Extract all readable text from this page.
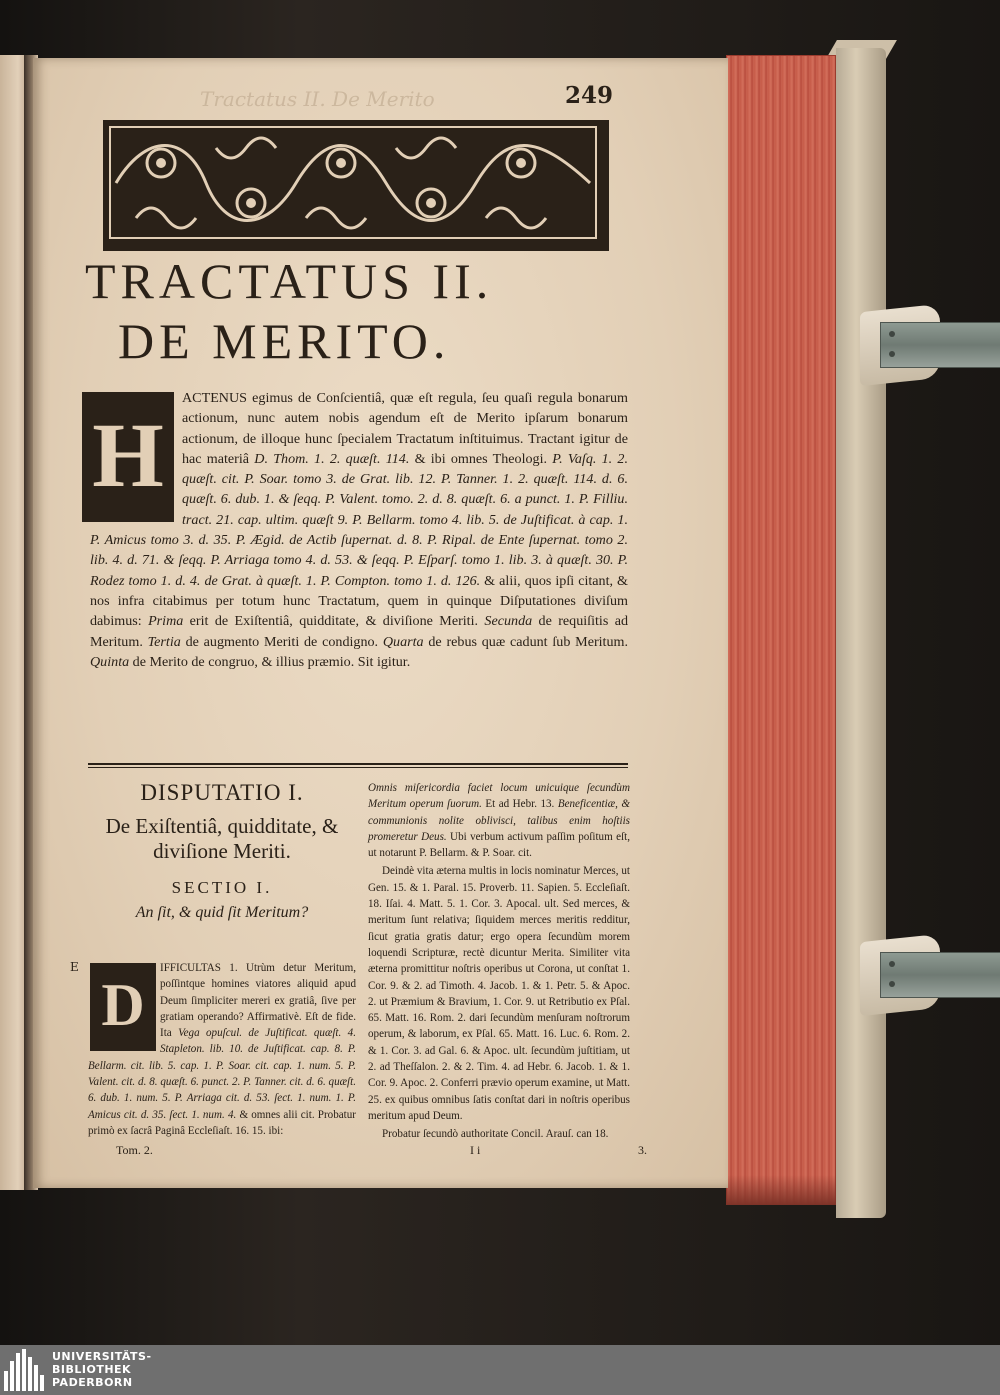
Tractatus II. De Merito	249
TRACTATUS II.
DE MERITO.
H
ACTENUS egimus de Conſcientiâ, quæ eſt regula, ſeu quaſi regula bonarum actionum, nunc autem nobis agendum eſt de Merito ipſarum bonarum actionum, de illoque hunc ſpecialem Tractatum inſtituimus. Tractant igitur de hac materiâ D. Thom. 1. 2. quæſt. 114. & ibi omnes Theologi. P. Vaſq. 1. 2. quæſt. cit. P. Soar. tomo 3. de Grat. lib. 12. P. Tanner. 1. 2. quæſt. 114. d. 6. quæſt. 6. dub. 1. & ſeqq. P. Valent. tomo. 2. d. 8. quæſt. 6. a punct. 1. P. Filliu. tract. 21. cap. ultim. quæſt 9. P. Bellarm. tomo 4. lib. 5. de Juſtificat. à cap. 1. P. Amicus tomo 3. d. 35. P. Ægid. de Actib ſupernat. d. 8. P. Ripal. de Ente ſupernat. tomo 2. lib. 4. d. 71. & ſeqq. P. Arriaga tomo 4. d. 53. & ſeqq. P. Eſparſ. tomo 1. lib. 3. à quæſt. 30. P. Rodez tomo 1. d. 4. de Grat. à quæſt. 1. P. Compton. tomo 1. d. 126. & alii, quos ipſi citant, & nos infra citabimus per totum hunc Tractatum, quem in quinque Diſputationes diviſum dabimus: Prima erit de Exiſtentiâ, quidditate, & diviſione Meriti. Secunda de requiſitis ad Meritum. Tertia de augmento Meriti de condigno. Quarta de rebus quæ cadunt ſub Meritum. Quinta de Merito de congruo, & illius præmio. Sit igitur.
DISPUTATIO I.
De Exiſtentiâ, quidditate, & diviſione Meriti.
SECTIO I.
An ſit, & quid ſit Meritum?
IFFICULTAS 1. Utrùm detur Meritum, poſſintque homines viatores aliquid apud Deum ſimpliciter mereri ex gratiâ, ſive per gratiam operando? Affirmativè. Eſt de fide. Ita Vega opuſcul. de Juſtificat. quæſt. 4. Stapleton. lib. 10. de Juſtificat. cap. 8. P. Bellarm. cit. lib. 5. cap. 1. P. Soar. cit. cap. 1. num. 5. P. Valent. cit. d. 8. quæſt. 6. punct. 2. P. Tanner. cit. d. 6. quæſt. 6. dub. 1. num. 5. P. Arriaga cit. d. 53. ſect. 1. num. 1. P. Amicus cit. d. 35. ſect. 1. num. 4. & omnes alii cit. Probatur primò ex ſacrâ Paginâ Eccleſiaſt. 16. 15. ibi:
E
D

Omnis miſericordia faciet locum unicuique ſecundùm Meritum operum ſuorum. Et ad Hebr. 13. Beneficentiæ, & communionis nolite oblivisci, talibus enim hoſtiis promeretur Deus. Ubi verbum activum paſſim poſitum eſt, ut notarunt P. Bellarm. & P. Soar. cit.

Deindè vita æterna multis in locis nominatur Merces, ut Gen. 15. & 1. Paral. 15. Proverb. 11. Sapien. 5. Eccleſiaſt. 18. Iſai. 4. Matt. 5. 1. Cor. 3. Apocal. ult. Sed merces, & meritum ſunt relativa; ſiquidem merces meritis redditur, ſicut gratia gratis datur; ergo opera ſecundùm morem loquendi Scripturæ, rectè dicuntur Merita. Similiter vita æterna promittitur noſtris operibus ut Corona, ut conſtat 1. Cor. 9. & 2. ad Timoth. 4. Jacob. 1. & 1. Petr. 5. & Apoc. 2. ut Præmium & Bravium, 1. Cor. 9. ut Retributio ex Pſal. 65. Matt. 16. Rom. 2. dari ſecundùm menſuram noſtrorum operum, & laborum, ex Pſal. 65. Matt. 16. Luc. 6. Rom. 2. & 1. Cor. 3. ad Gal. 6. & Apoc. ult. ſecundùm juſtitiam, ut 2. ad Theſſalon. 2. & 2. Tim. 4. ad Hebr. 6. Jacob. 1. & 1. Cor. 9. Apoc. 2. Conferri prævio operum examine, ut Matt. 25. ex quibus omnibus ſatis conſtat dari in noſtris operibus meritum apud Deum.

Probatur ſecundò authoritate Concil. Arauſ. can 18.

Tom. 2.	I i	3.
UNIVERSITÄTS-
BIBLIOTHEK
PADERBORN
